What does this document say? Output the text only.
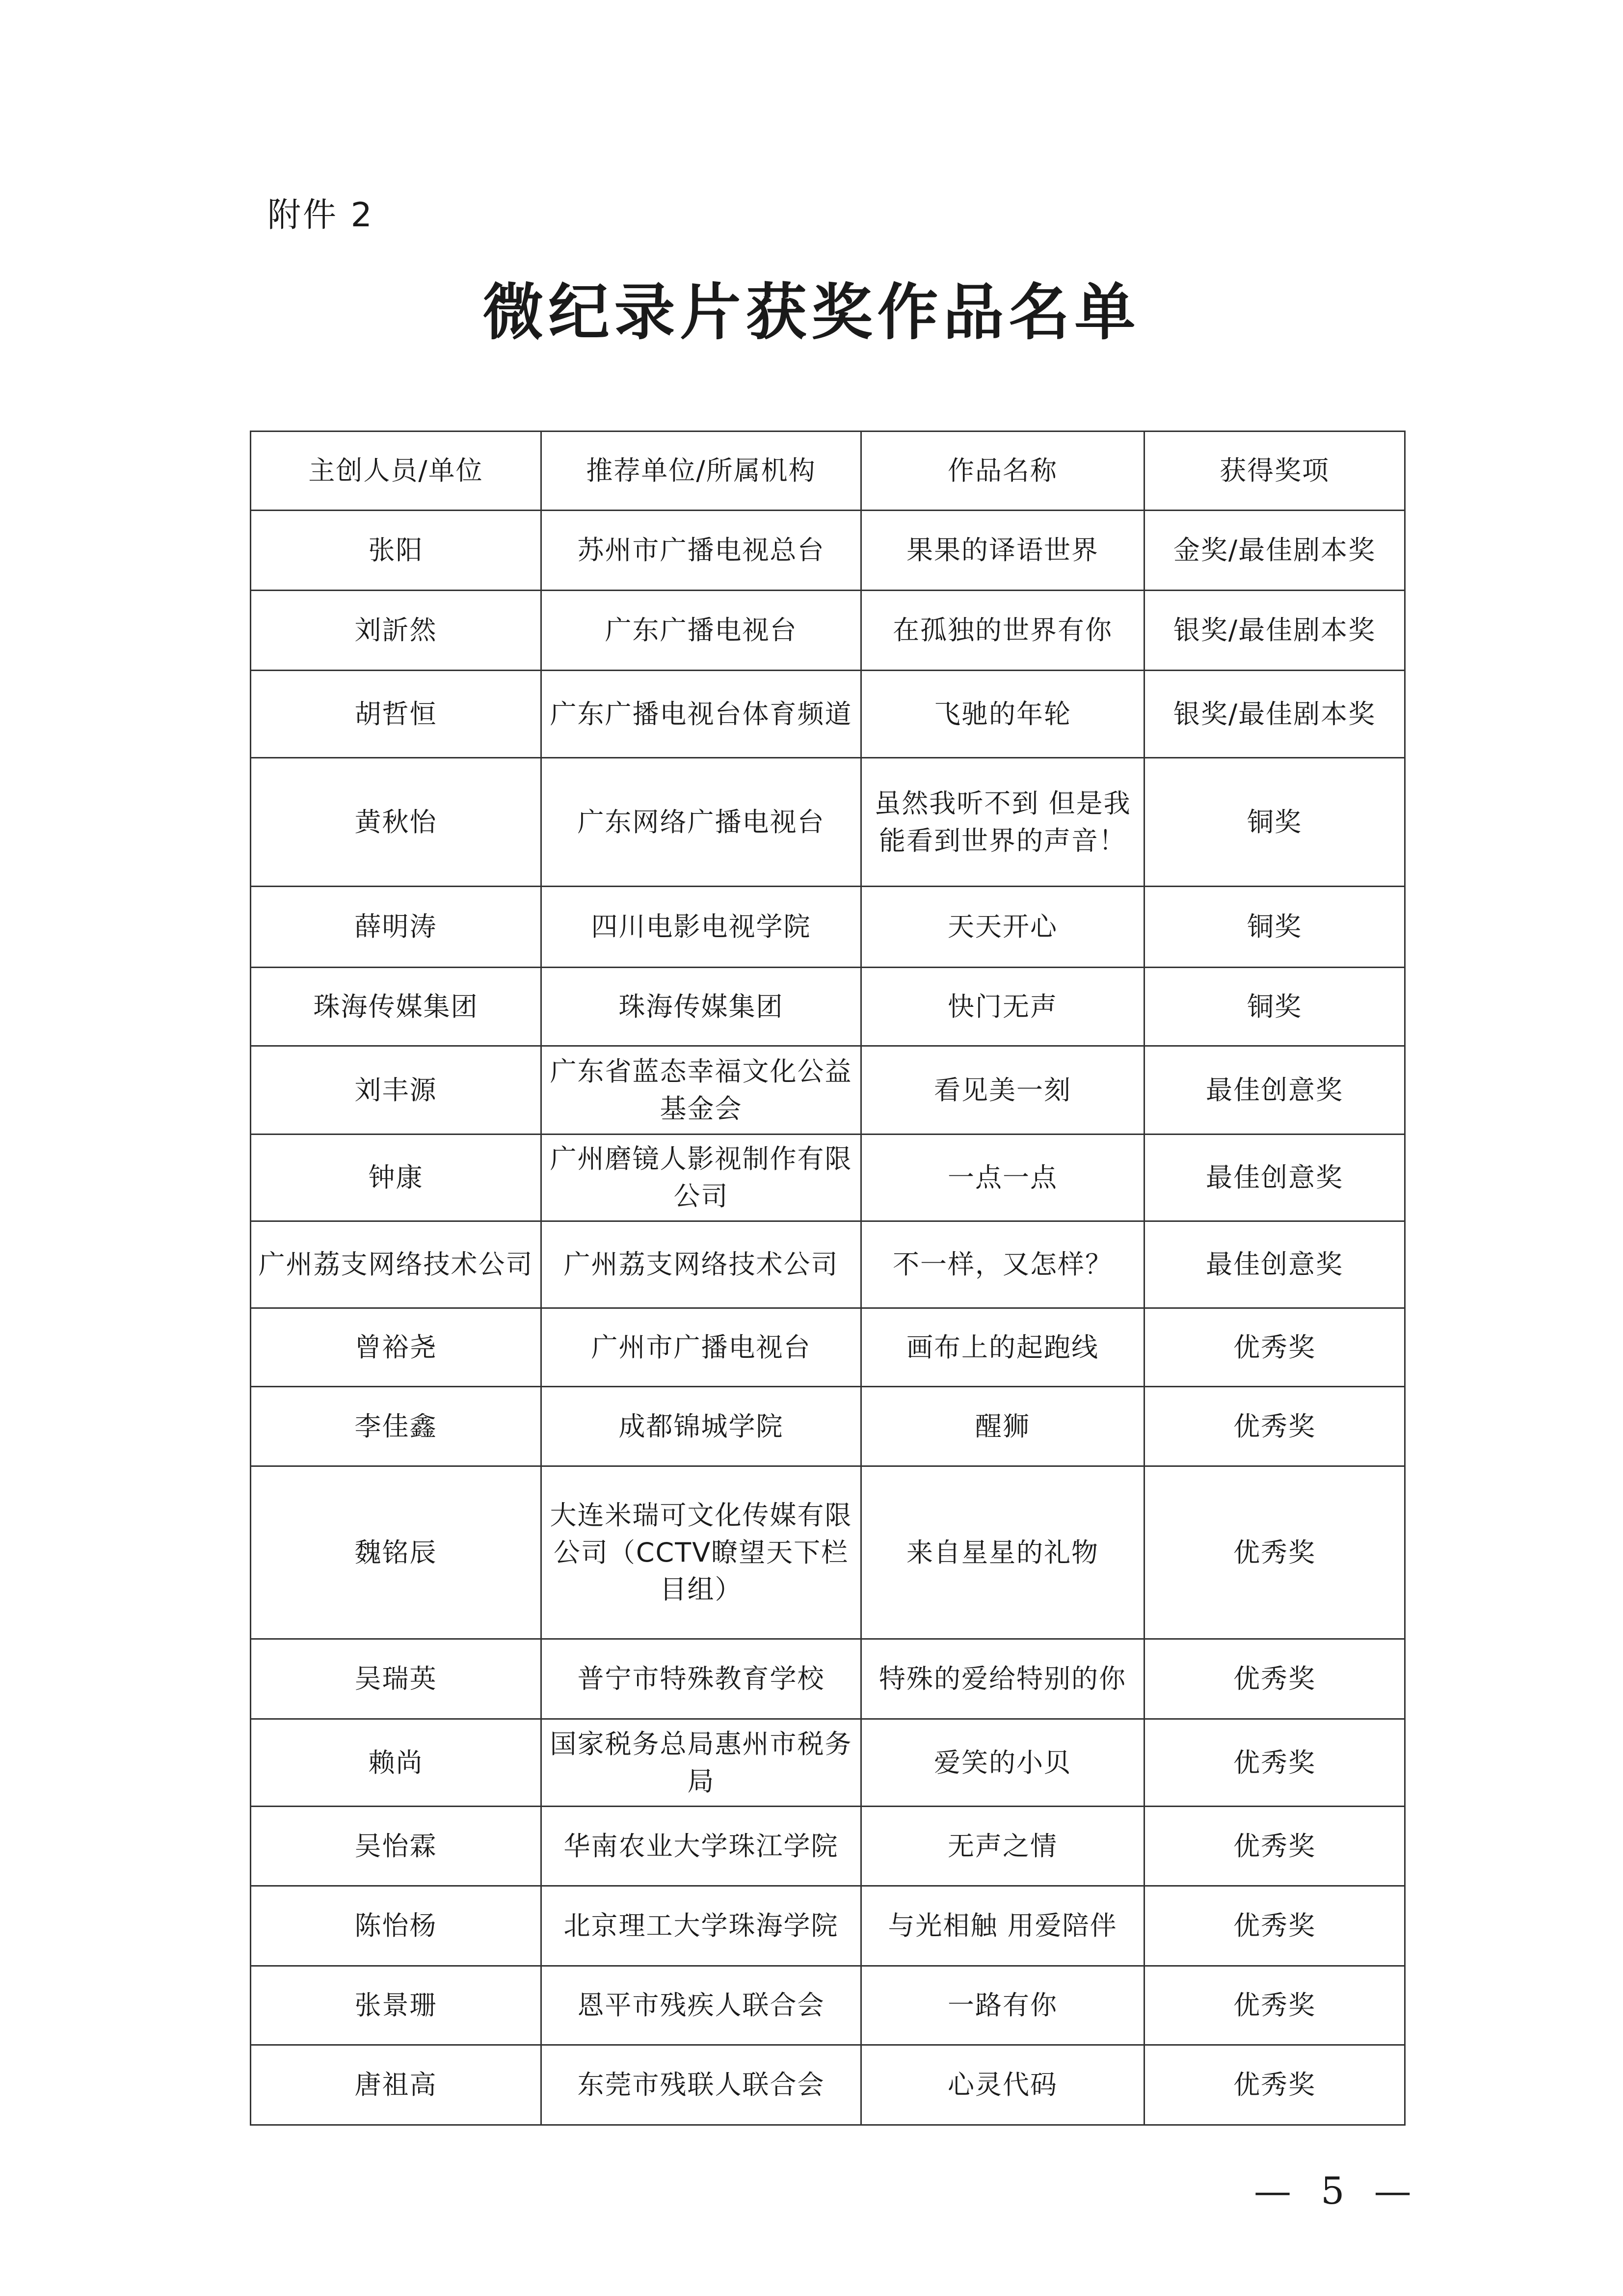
附件 2
微纪录片获奖作品名单
主创人员/单位	推荐单位/所属机构	作品名称	获得奖项
张阳	苏州市广播电视总台	果果的译语世界	金奖/最佳剧本奖
刘訢然	广东广播电视台	在孤独的世界有你	银奖/最佳剧本奖
胡哲恒	广东广播电视台体育频道	飞驰的年轮	银奖/最佳剧本奖
黄秋怡	广东网络广播电视台	虽然我听不到 但是我能看到世界的声音！	铜奖
薛明涛	四川电影电视学院	天天开心	铜奖
珠海传媒集团	珠海传媒集团	快门无声	铜奖
刘丰源	广东省蓝态幸福文化公益基金会	看见美一刻	最佳创意奖
钟康	广州磨镜人影视制作有限公司	一点一点	最佳创意奖
广州荔支网络技术公司	广州荔支网络技术公司	不一样，又怎样？	最佳创意奖
曾裕尧	广州市广播电视台	画布上的起跑线	优秀奖
李佳鑫	成都锦城学院	醒狮	优秀奖
魏铭辰	大连米瑞可文化传媒有限公司（CCTV瞭望天下栏目组）	来自星星的礼物	优秀奖
吴瑞英	普宁市特殊教育学校	特殊的爱给特别的你	优秀奖
赖尚	国家税务总局惠州市税务局	爱笑的小贝	优秀奖
吴怡霖	华南农业大学珠江学院	无声之情	优秀奖
陈怡杨	北京理工大学珠海学院	与光相触 用爱陪伴	优秀奖
张景珊	恩平市残疾人联合会	一路有你	优秀奖
唐祖高	东莞市残联人联合会	心灵代码	优秀奖
— 5 —
